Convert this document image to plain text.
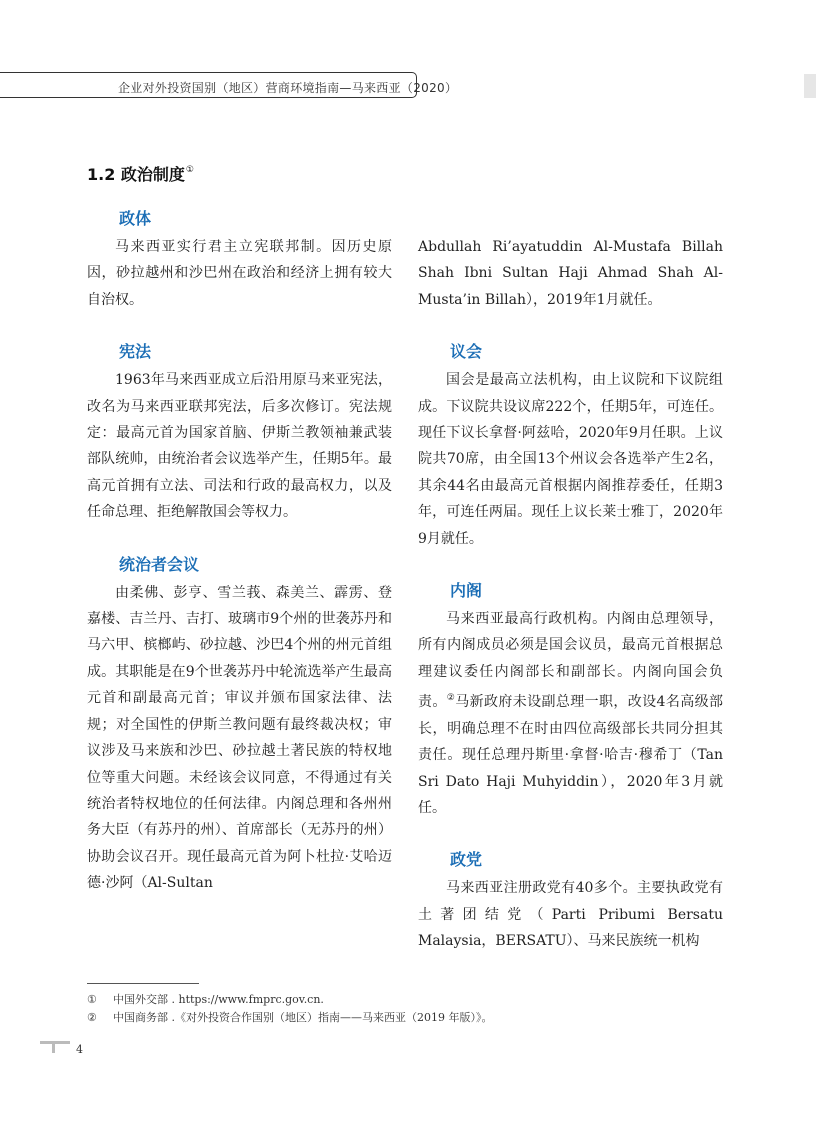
企业对外投资国别（地区）营商环境指南—马来西亚（2020）
1.2 政治制度①
政体

马来西亚实行君主立宪联邦制。因历史原因，砂拉越州和沙巴州在政治和经济上拥有较大自治权。

宪法

1963年马来西亚成立后沿用原马来亚宪法，改名为马来西亚联邦宪法，后多次修订。宪法规定：最高元首为国家首脑、伊斯兰教领袖兼武装部队统帅，由统治者会议选举产生，任期5年。最高元首拥有立法、司法和行政的最高权力，以及任命总理、拒绝解散国会等权力。

统治者会议

由柔佛、彭亨、雪兰莪、森美兰、霹雳、登嘉楼、吉兰丹、吉打、玻璃市9个州的世袭苏丹和马六甲、槟榔屿、砂拉越、沙巴4个州的州元首组成。其职能是在9个世袭苏丹中轮流选举产生最高元首和副最高元首；审议并颁布国家法律、法规；对全国性的伊斯兰教问题有最终裁决权；审议涉及马来族和沙巴、砂拉越土著民族的特权地位等重大问题。未经该会议同意，不得通过有关统治者特权地位的任何法律。内阁总理和各州州务大臣（有苏丹的州）、首席部长（无苏丹的州）协助会议召开。现任最高元首为阿卜杜拉·艾哈迈德·沙阿（Al-Sultan

Abdullah Ri’ayatuddin Al-Mustafa Billah Shah Ibni Sultan Haji Ahmad Shah Al-Musta’in Billah），2019年1月就任。

议会

国会是最高立法机构，由上议院和下议院组成。下议院共设议席222个，任期5年，可连任。现任下议长拿督·阿兹哈，2020年9月任职。上议院共70席，由全国13个州议会各选举产生2名，其余44名由最高元首根据内阁推荐委任，任期3年，可连任两届。现任上议长莱士雅丁，2020年9月就任。

内阁

马来西亚最高行政机构。内阁由总理领导，所有内阁成员必须是国会议员，最高元首根据总理建议委任内阁部长和副部长。内阁向国会负责。②马新政府未设副总理一职，改设4名高级部长，明确总理不在时由四位高级部长共同分担其责任。现任总理丹斯里·拿督·哈吉·穆希丁（Tan Sri Dato Haji Muhyiddin），2020年3月就任。

政党

马来西亚注册政党有40多个。主要执政党有土著团结党（Parti Pribumi Bersatu Malaysia，BERSATU）、马来民族统一机构

① 中国外交部 . https://www.fmprc.gov.cn.
② 中国商务部 .《对外投资合作国别（地区）指南——马来西亚（2019 年版）》。
4
